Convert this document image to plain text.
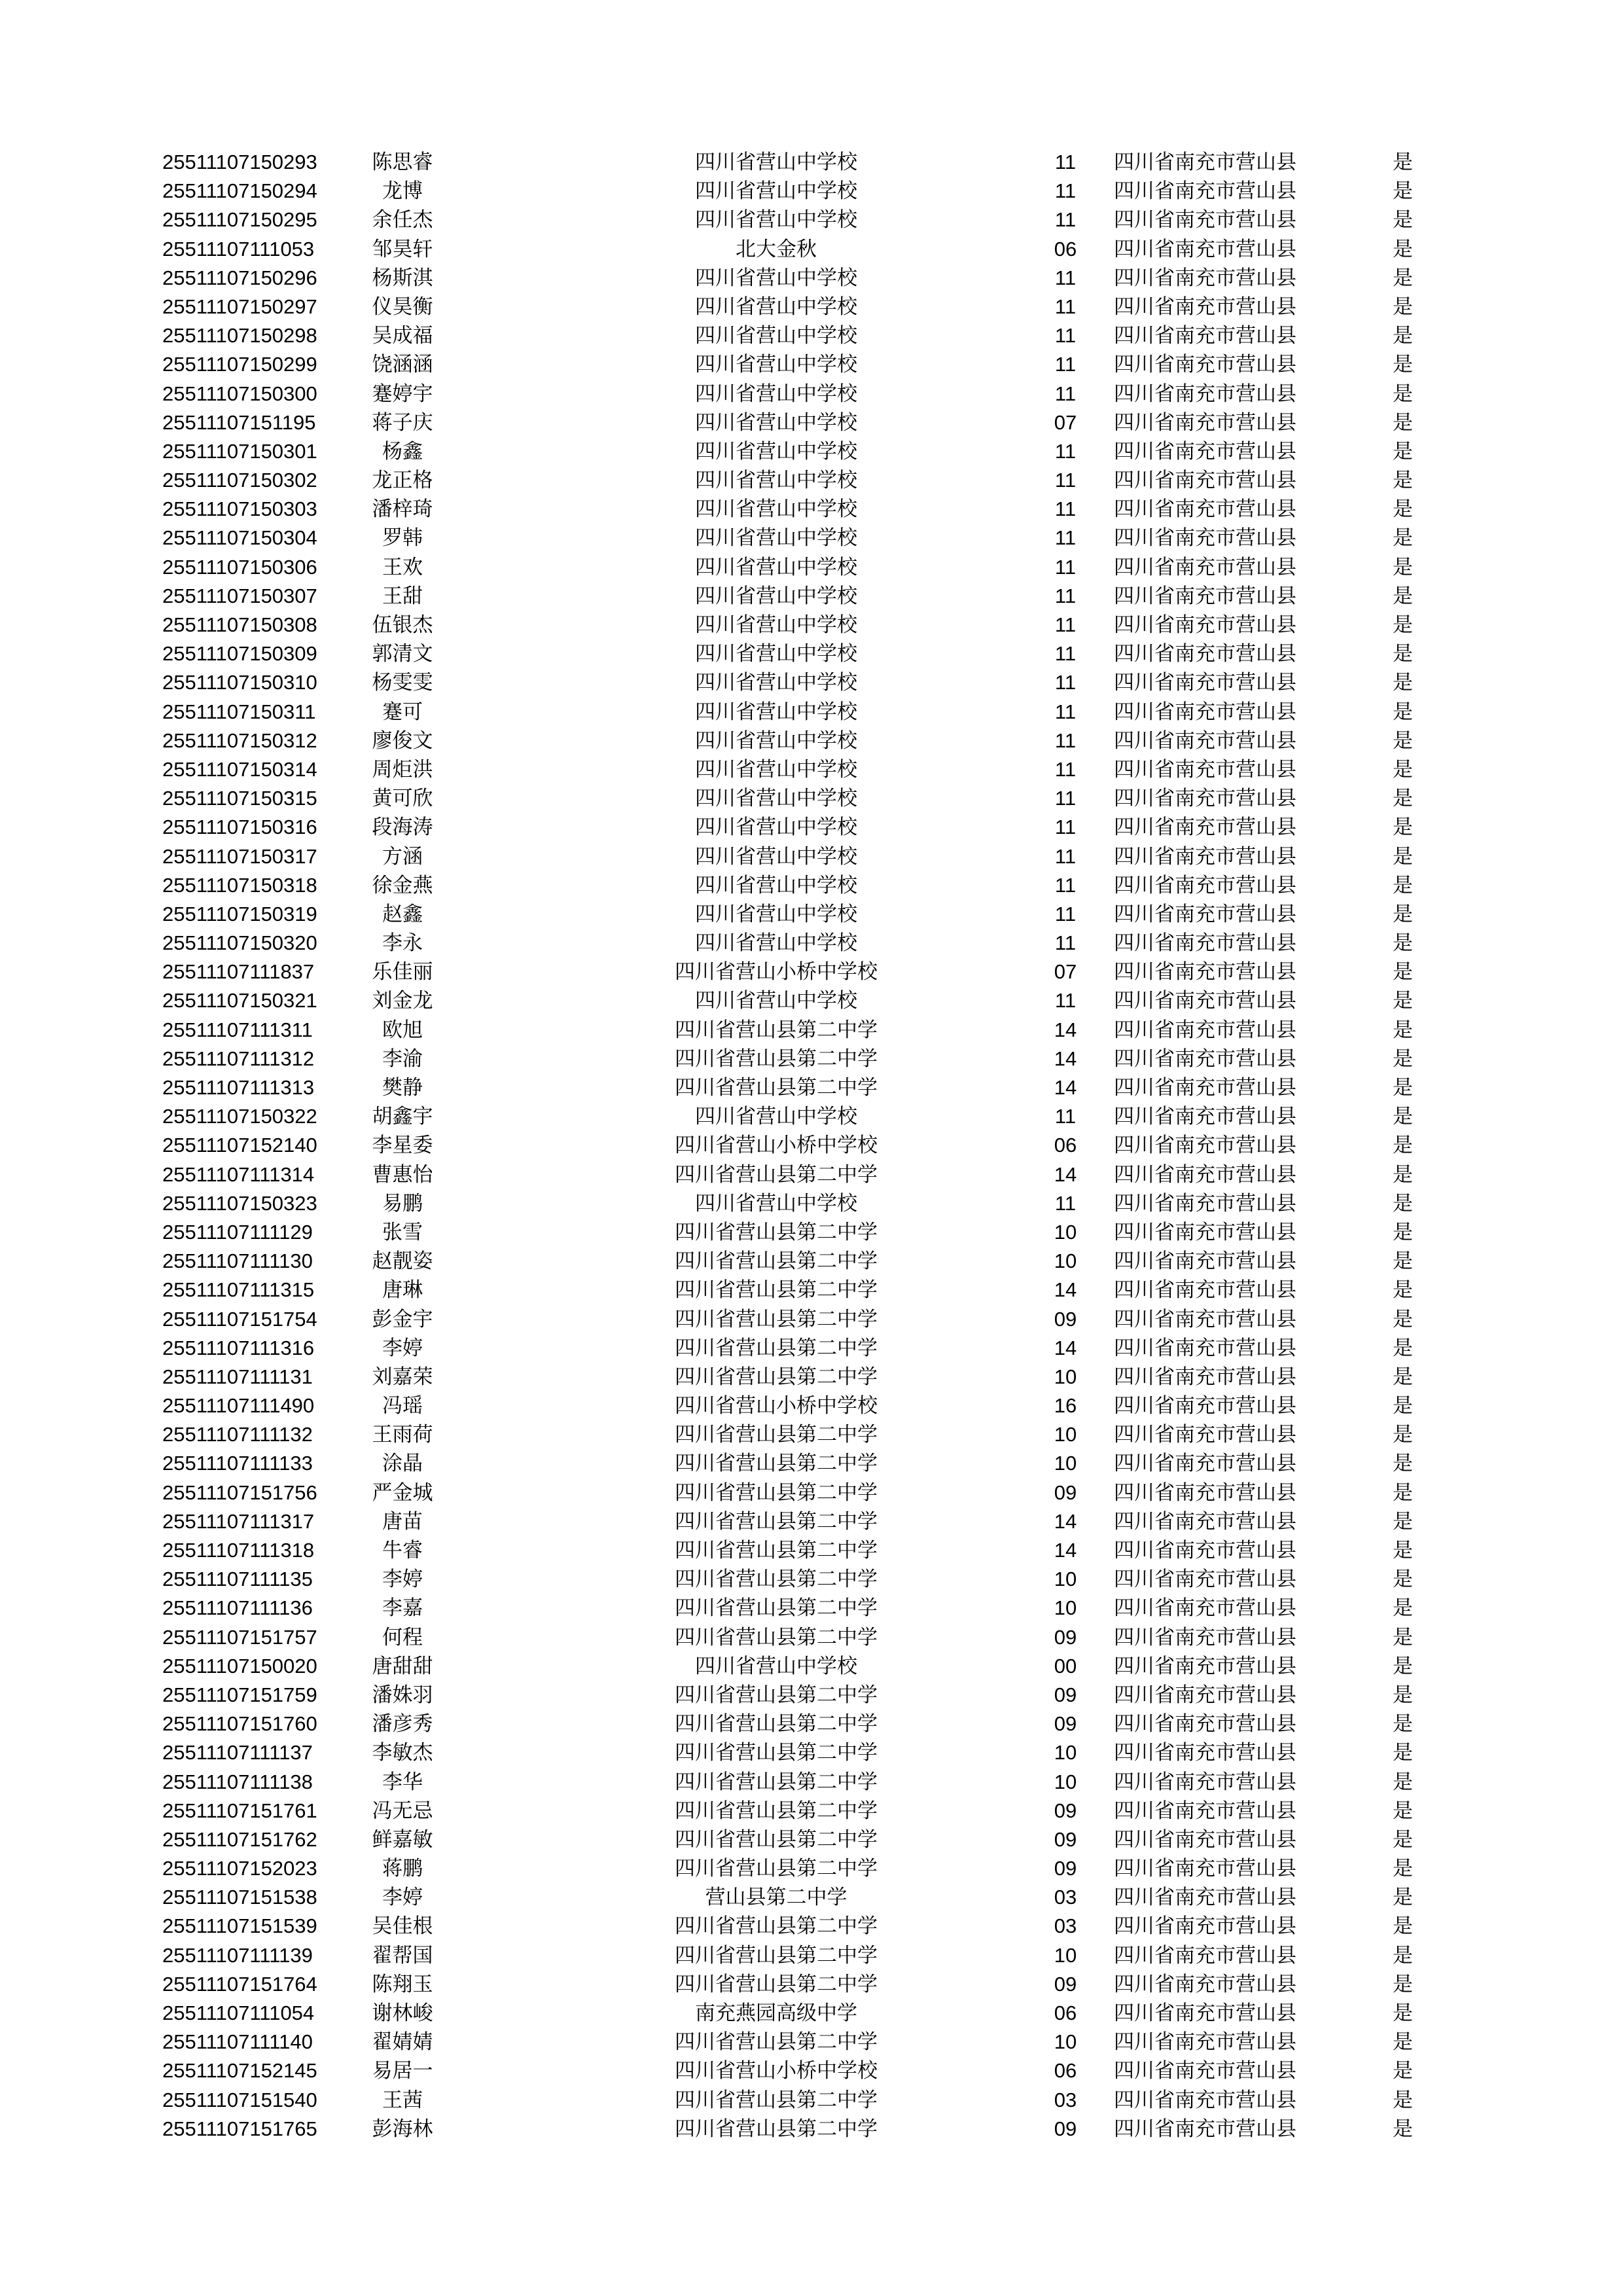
25511107150293	陈思睿	四川省营山中学校	11	四川省南充市营山县	是
25511107150294	龙博	四川省营山中学校	11	四川省南充市营山县	是
25511107150295	余任杰	四川省营山中学校	11	四川省南充市营山县	是
25511107111053	邹昊轩	北大金秋	06	四川省南充市营山县	是
25511107150296	杨斯淇	四川省营山中学校	11	四川省南充市营山县	是
25511107150297	仪昊衡	四川省营山中学校	11	四川省南充市营山县	是
25511107150298	吴成福	四川省营山中学校	11	四川省南充市营山县	是
25511107150299	饶涵涵	四川省营山中学校	11	四川省南充市营山县	是
25511107150300	蹇婷宇	四川省营山中学校	11	四川省南充市营山县	是
25511107151195	蒋子庆	四川省营山中学校	07	四川省南充市营山县	是
25511107150301	杨鑫	四川省营山中学校	11	四川省南充市营山县	是
25511107150302	龙正格	四川省营山中学校	11	四川省南充市营山县	是
25511107150303	潘梓琦	四川省营山中学校	11	四川省南充市营山县	是
25511107150304	罗韩	四川省营山中学校	11	四川省南充市营山县	是
25511107150306	王欢	四川省营山中学校	11	四川省南充市营山县	是
25511107150307	王甜	四川省营山中学校	11	四川省南充市营山县	是
25511107150308	伍银杰	四川省营山中学校	11	四川省南充市营山县	是
25511107150309	郭清文	四川省营山中学校	11	四川省南充市营山县	是
25511107150310	杨雯雯	四川省营山中学校	11	四川省南充市营山县	是
25511107150311	蹇可	四川省营山中学校	11	四川省南充市营山县	是
25511107150312	廖俊文	四川省营山中学校	11	四川省南充市营山县	是
25511107150314	周炬洪	四川省营山中学校	11	四川省南充市营山县	是
25511107150315	黄可欣	四川省营山中学校	11	四川省南充市营山县	是
25511107150316	段海涛	四川省营山中学校	11	四川省南充市营山县	是
25511107150317	方涵	四川省营山中学校	11	四川省南充市营山县	是
25511107150318	徐金燕	四川省营山中学校	11	四川省南充市营山县	是
25511107150319	赵鑫	四川省营山中学校	11	四川省南充市营山县	是
25511107150320	李永	四川省营山中学校	11	四川省南充市营山县	是
25511107111837	乐佳丽	四川省营山小桥中学校	07	四川省南充市营山县	是
25511107150321	刘金龙	四川省营山中学校	11	四川省南充市营山县	是
25511107111311	欧旭	四川省营山县第二中学	14	四川省南充市营山县	是
25511107111312	李渝	四川省营山县第二中学	14	四川省南充市营山县	是
25511107111313	樊静	四川省营山县第二中学	14	四川省南充市营山县	是
25511107150322	胡鑫宇	四川省营山中学校	11	四川省南充市营山县	是
25511107152140	李星委	四川省营山小桥中学校	06	四川省南充市营山县	是
25511107111314	曹惠怡	四川省营山县第二中学	14	四川省南充市营山县	是
25511107150323	易鹏	四川省营山中学校	11	四川省南充市营山县	是
25511107111129	张雪	四川省营山县第二中学	10	四川省南充市营山县	是
25511107111130	赵靓姿	四川省营山县第二中学	10	四川省南充市营山县	是
25511107111315	唐琳	四川省营山县第二中学	14	四川省南充市营山县	是
25511107151754	彭金宇	四川省营山县第二中学	09	四川省南充市营山县	是
25511107111316	李婷	四川省营山县第二中学	14	四川省南充市营山县	是
25511107111131	刘嘉荣	四川省营山县第二中学	10	四川省南充市营山县	是
25511107111490	冯瑶	四川省营山小桥中学校	16	四川省南充市营山县	是
25511107111132	王雨荷	四川省营山县第二中学	10	四川省南充市营山县	是
25511107111133	涂晶	四川省营山县第二中学	10	四川省南充市营山县	是
25511107151756	严金城	四川省营山县第二中学	09	四川省南充市营山县	是
25511107111317	唐苗	四川省营山县第二中学	14	四川省南充市营山县	是
25511107111318	牛睿	四川省营山县第二中学	14	四川省南充市营山县	是
25511107111135	李婷	四川省营山县第二中学	10	四川省南充市营山县	是
25511107111136	李嘉	四川省营山县第二中学	10	四川省南充市营山县	是
25511107151757	何程	四川省营山县第二中学	09	四川省南充市营山县	是
25511107150020	唐甜甜	四川省营山中学校	00	四川省南充市营山县	是
25511107151759	潘姝羽	四川省营山县第二中学	09	四川省南充市营山县	是
25511107151760	潘彦秀	四川省营山县第二中学	09	四川省南充市营山县	是
25511107111137	李敏杰	四川省营山县第二中学	10	四川省南充市营山县	是
25511107111138	李华	四川省营山县第二中学	10	四川省南充市营山县	是
25511107151761	冯无忌	四川省营山县第二中学	09	四川省南充市营山县	是
25511107151762	鲜嘉敏	四川省营山县第二中学	09	四川省南充市营山县	是
25511107152023	蒋鹏	四川省营山县第二中学	09	四川省南充市营山县	是
25511107151538	李婷	营山县第二中学	03	四川省南充市营山县	是
25511107151539	吴佳根	四川省营山县第二中学	03	四川省南充市营山县	是
25511107111139	翟帮国	四川省营山县第二中学	10	四川省南充市营山县	是
25511107151764	陈翔玉	四川省营山县第二中学	09	四川省南充市营山县	是
25511107111054	谢林峻	南充燕园高级中学	06	四川省南充市营山县	是
25511107111140	翟婧婧	四川省营山县第二中学	10	四川省南充市营山县	是
25511107152145	易居一	四川省营山小桥中学校	06	四川省南充市营山县	是
25511107151540	王茜	四川省营山县第二中学	03	四川省南充市营山县	是
25511107151765	彭海林	四川省营山县第二中学	09	四川省南充市营山县	是
